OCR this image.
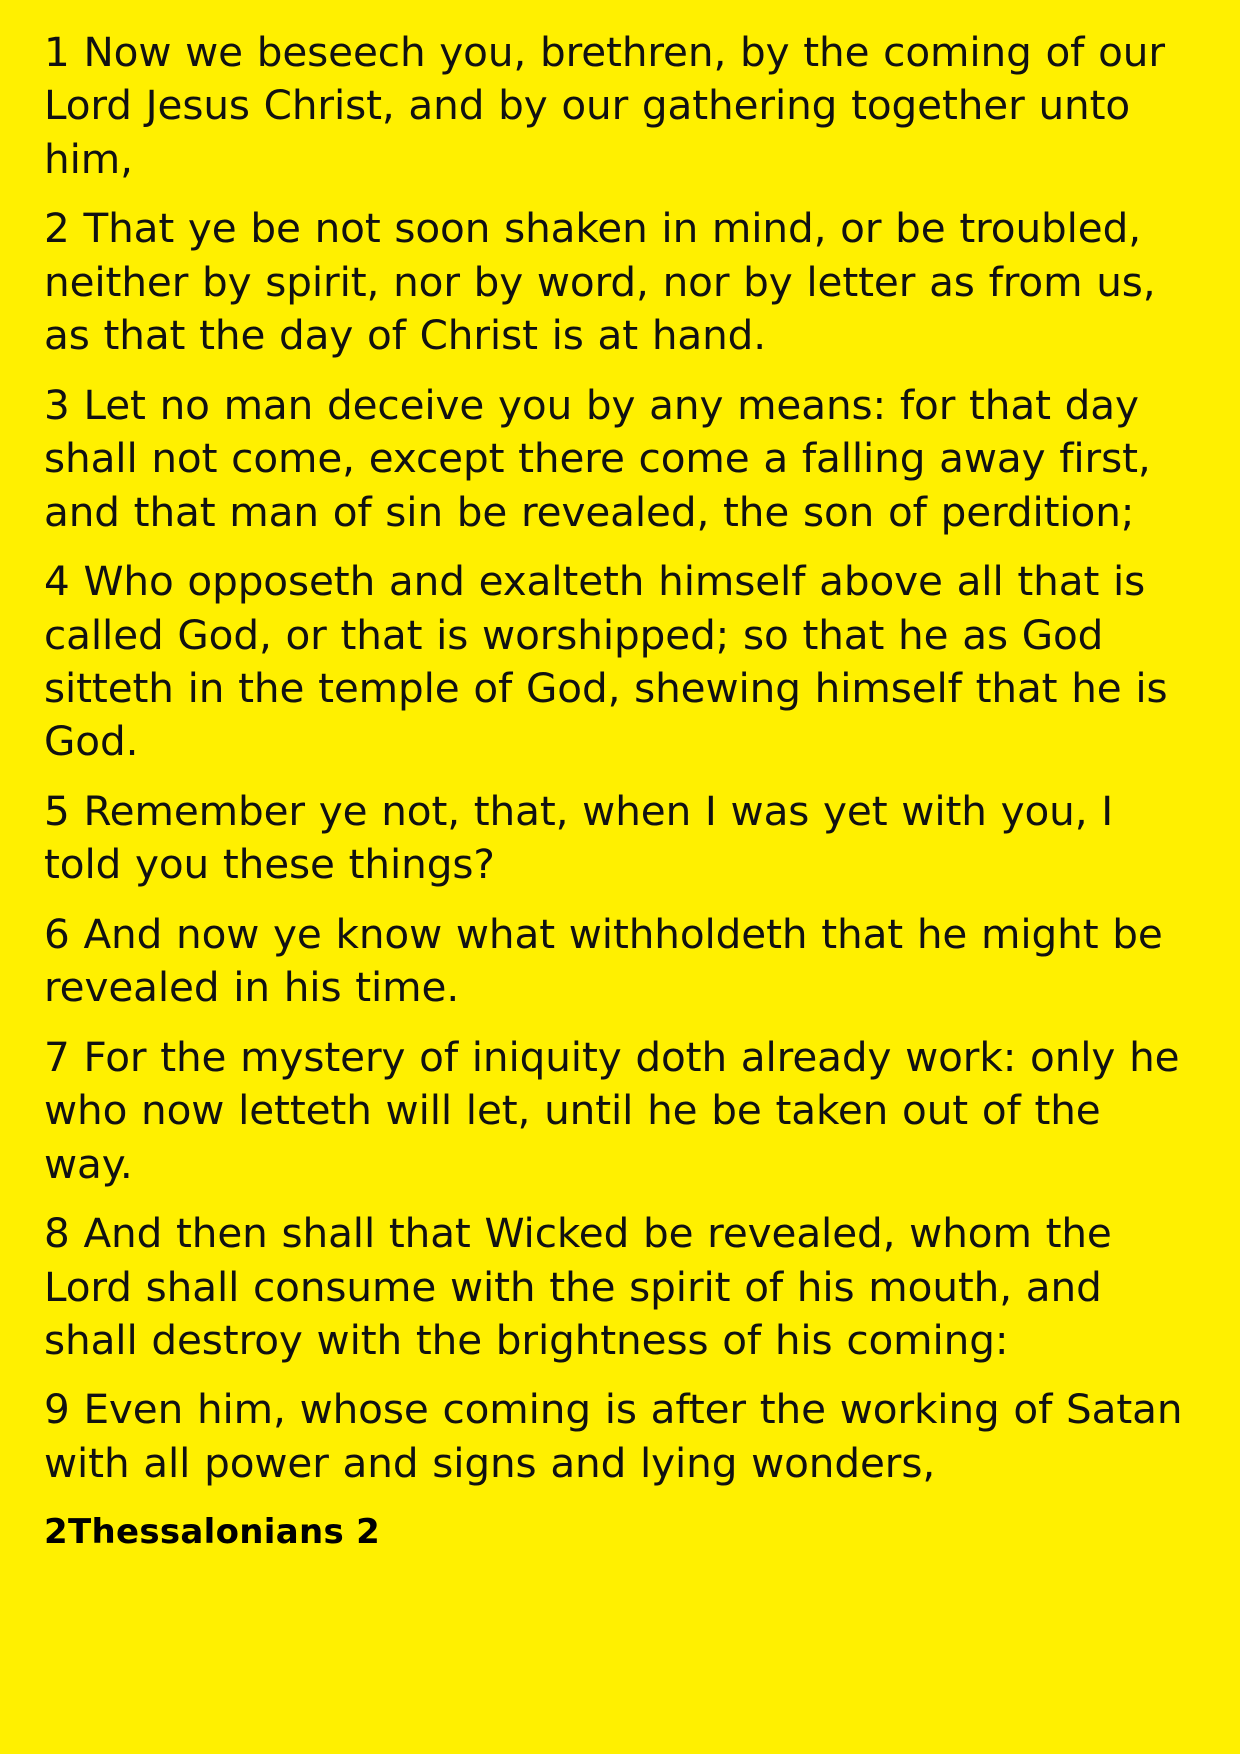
1 Now we beseech you, brethren, by the coming of our Lord Jesus Christ, and by our gathering together unto him,

2 That ye be not soon shaken in mind, or be troubled, neither by spirit, nor by word, nor by letter as from us, as that the day of Christ is at hand.

3 Let no man deceive you by any means: for that day shall not come, except there come a falling away first, and that man of sin be revealed, the son of perdition;

4 Who opposeth and exalteth himself above all that is called God, or that is worshipped; so that he as God sitteth in the temple of God, shewing himself that he is God.

5 Remember ye not, that, when I was yet with you, I told you these things?

6 And now ye know what withholdeth that he might be revealed in his time.

7 For the mystery of iniquity doth already work: only he who now letteth will let, until he be taken out of the way.

8 And then shall that Wicked be revealed, whom the Lord shall consume with the spirit of his mouth, and shall destroy with the brightness of his coming:

9 Even him, whose coming is after the working of Satan with all power and signs and lying wonders,

2Thessalonians 2
